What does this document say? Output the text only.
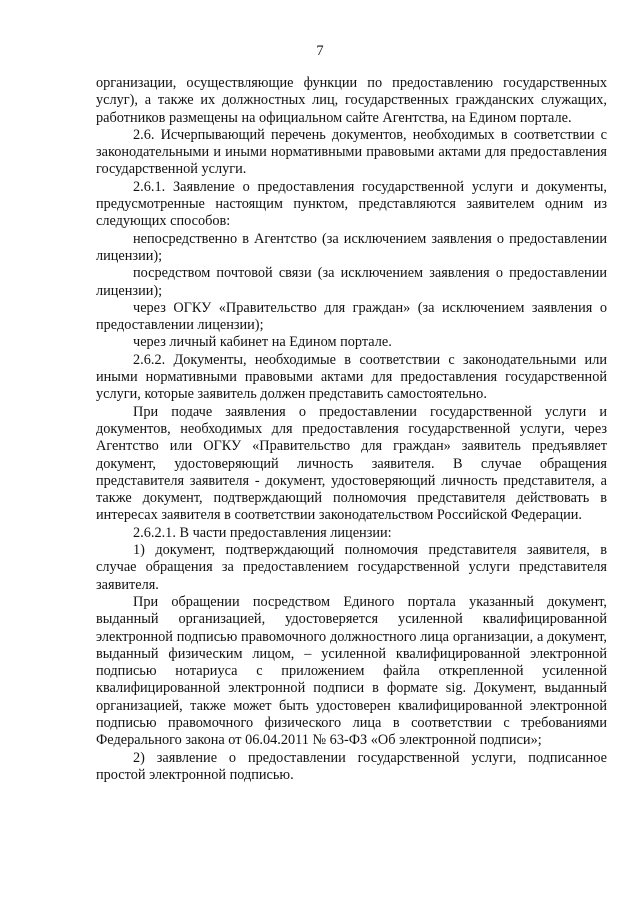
7

организации, осуществляющие функции по предоставлению государственных услуг), а также их должностных лиц, государственных гражданских служащих, работников размещены на официальном сайте Агентства, на Едином портале.

2.6. Исчерпывающий перечень документов, необходимых в соответствии с законодательными и иными нормативными правовыми актами для предоставления государственной услуги.

2.6.1. Заявление о предоставления государственной услуги и документы, предусмотренные настоящим пунктом, представляются заявителем одним из следующих способов:

непосредственно в Агентство (за исключением заявления о предоставлении лицензии);

посредством почтовой связи (за исключением заявления о предоставлении лицензии);

через ОГКУ «Правительство для граждан» (за исключением заявления о предоставлении лицензии);

через личный кабинет на Едином портале.

2.6.2. Документы, необходимые в соответствии с законодательными или иными нормативными правовыми актами для предоставления государственной услуги, которые заявитель должен представить самостоятельно.

При подаче заявления о предоставлении государственной услуги и документов, необходимых для предоставления государственной услуги, через Агентство или ОГКУ «Правительство для граждан» заявитель предъявляет документ, удостоверяющий личность заявителя. В случае обращения представителя заявителя - документ, удостоверяющий личность представителя, а также документ, подтверждающий полномочия представителя действовать в интересах заявителя в соответствии законодательством Российской Федерации.

2.6.2.1. В части предоставления лицензии:

1) документ, подтверждающий полномочия представителя заявителя, в случае обращения за предоставлением государственной услуги представителя заявителя.

При обращении посредством Единого портала указанный документ, выданный организацией, удостоверяется усиленной квалифицированной электронной подписью правомочного должностного лица организации, а документ, выданный физическим лицом, – усиленной квалифицированной электронной подписью нотариуса с приложением файла открепленной усиленной квалифицированной электронной подписи в формате sig. Документ, выданный организацией, также может быть удостоверен квалифицированной электронной подписью правомочного физического лица в соответствии с требованиями Федерального закона от 06.04.2011 № 63-ФЗ «Об электронной подписи»;

2) заявление о предоставлении государственной услуги, подписанное простой электронной подписью.
